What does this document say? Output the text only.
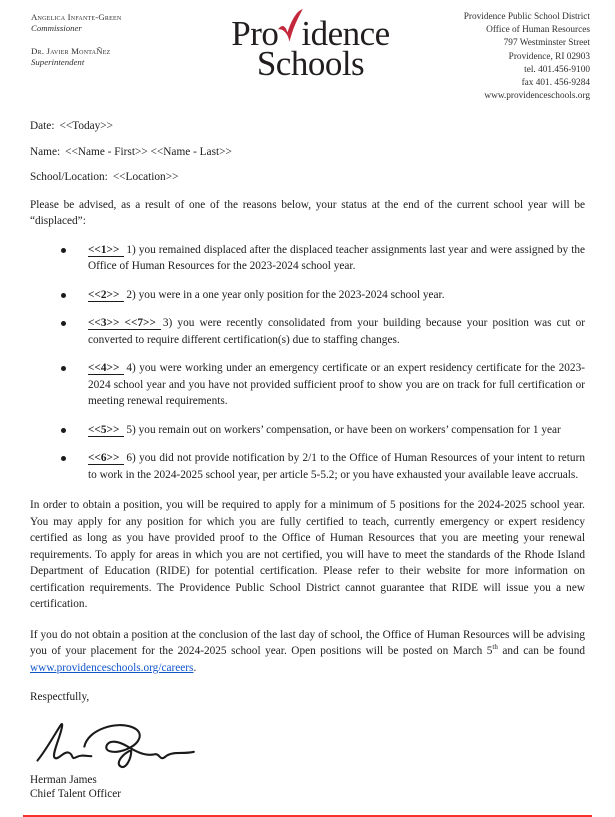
Angelica Infante-Green
Commissioner
Dr. Javier MontaÑez
Superintendent
Pro idence
Schools
Providence Public School District
Office of Human Resources
797 Westminster Street
Providence, RI 02903
tel. 401.456-9100
fax 401. 456-9284
www.providenceschools.org

Date: <<Today>>

Name: <<Name - First>> <<Name - Last>>

School/Location: <<Location>>

Please be advised, as a result of one of the reasons below, your status at the end of the current school year will be “displaced”:

<<1>> 1) you remained displaced after the displaced teacher assignments last year and were assigned by the Office of Human Resources for the 2023-2024 school year.
<<2>> 2) you were in a one year only position for the 2023-2024 school year.
<<3>> <<7>> 3) you were recently consolidated from your building because your position was cut or converted to require different certification(s) due to staffing changes.
<<4>> 4) you were working under an emergency certificate or an expert residency certificate for the 2023-2024 school year and you have not provided sufficient proof to show you are on track for full certification or meeting renewal requirements.
<<5>> 5) you remain out on workers’ compensation, or have been on workers’ compensation for 1 year
<<6>> 6) you did not provide notification by 2/1 to the Office of Human Resources of your intent to return to work in the 2024-2025 school year, per article 5-5.2; or you have exhausted your available leave accruals.

In order to obtain a position, you will be required to apply for a minimum of 5 positions for the 2024-2025 school year. You may apply for any position for which you are fully certified to teach, currently emergency or expert residency certified as long as you have provided proof to the Office of Human Resources that you are meeting your renewal requirements. To apply for areas in which you are not certified, you will have to meet the standards of the Rhode Island Department of Education (RIDE) for potential certification. Please refer to their website for more information on certification requirements. The Providence Public School District cannot guarantee that RIDE will issue you a new certification.

If you do not obtain a position at the conclusion of the last day of school, the Office of Human Resources will be advising you of your placement for the 2024-2025 school year. Open positions will be posted on March 5th and can be found www.providenceschools.org/careers.

Respectfully,

Herman James
Chief Talent Officer
